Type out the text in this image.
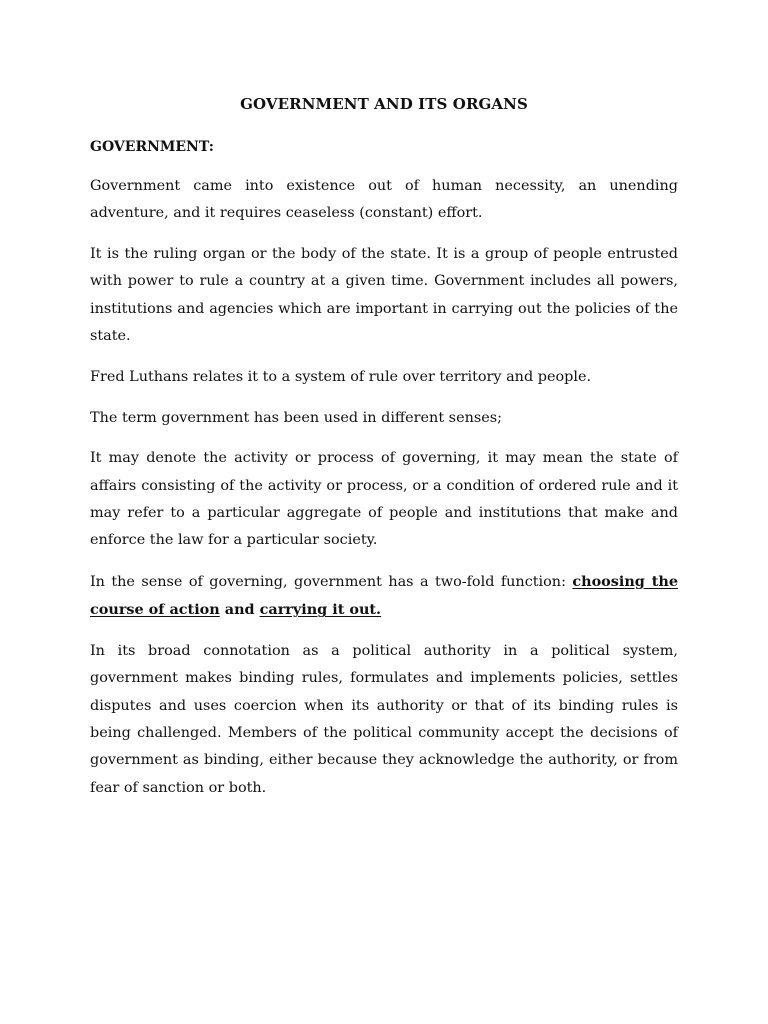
GOVERNMENT AND ITS ORGANS
GOVERNMENT:

Government came into existence out of human necessity, an unending adventure, and it requires ceaseless (constant) effort.

It is the ruling organ or the body of the state. It is a group of people entrusted with power to rule a country at a given time. Government includes all powers, institutions and agencies which are important in carrying out the policies of the state.

Fred Luthans relates it to a system of rule over territory and people.

The term government has been used in different senses;

It may denote the activity or process of governing, it may mean the state of affairs consisting of the activity or process, or a condition of ordered rule and it may refer to a particular aggregate of people and institutions that make and enforce the law for a particular society.

In the sense of governing, government has a two-fold function: choosing the course of action and carrying it out.

In its broad connotation as a political authority in a political system, government makes binding rules, formulates and implements policies, settles disputes and uses coercion when its authority or that of its binding rules is being challenged. Members of the political community accept the decisions of government as binding, either because they acknowledge the authority, or from fear of sanction or both.
